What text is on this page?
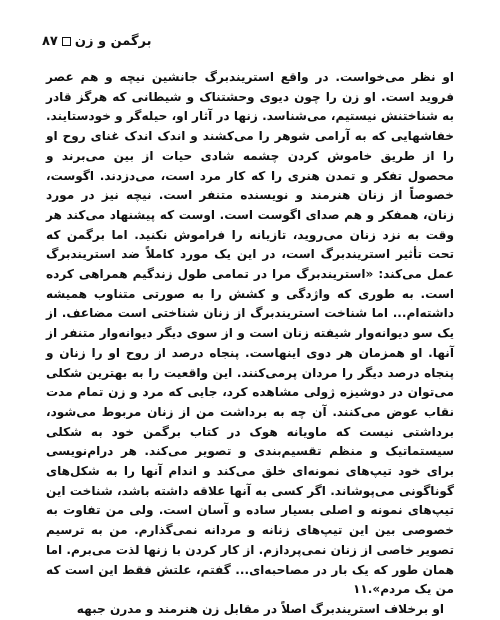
برگمن و زن۸۷

او نظر می‌خواست. در واقع استریندبرگ جانشین نیچه و هم عصر فروید است. او زن را چون دیوی وحشتناک و شیطانی که هرگز قادر به شناختنش نیستیم، می‌شناسد. زنها در آثار او، حیله‌گر و خودستایند. خفاشهایی که به آرامی شوهر را می‌کشند و اندک اندک غنای روح او را از طریق خاموش کردن چشمه شادی حیات از بین می‌برند و محصول تفکر و تمدن هنری را که کار مرد است، می‌دزدند. اگوست، خصوصاً از زنان هنرمند و نویسنده متنفر است. نیچه نیز در مورد زنان، همفکر و هم صدای اگوست است. اوست که پیشنهاد می‌کند هر وقت به نزد زنان می‌روید، تازیانه را فراموش نکنید. اما برگمن که تحت تأثیر استریندبرگ است، در این یک مورد کاملاً ضد استریندبرگ عمل می‌کند: «استریندبرگ مرا در تمامی طول زندگیم همراهی کرده است. به طوری که واژدگی و کشش را به صورتی متناوب همیشه داشته‌ام... اما شناخت استریندبرگ از زنان شناختی است مضاعف. از یک سو دیوانه‌وار شیفته زنان است و از سوی دیگر دیوانه‌وار متنفر از آنها. او همزمان هر دوی اینهاست. پنجاه درصد از روح او را زنان و پنجاه درصد دیگر را مردان پرمی‌کنند. این واقعیت را به بهترین شکلی می‌توان در دوشیزه ژولی مشاهده کرد، جایی که مرد و زن تمام مدت نقاب عوض می‌کنند. آن چه به برداشت من از زنان مربوط می‌شود، برداشتی نیست که ماویانه هوک در کتاب برگمن خود به شکلی سیستماتیک و منظم تقسیم‌بندی و تصویر می‌کند. هر درام‌نویسی برای خود تیپ‌های نمونه‌ای خلق می‌کند و اندام آنها را به شکل‌های گوناگونی می‌پوشاند. اگر کسی به آنها علاقه داشته باشد، شناخت این تیپ‌های نمونه و اصلی بسیار ساده و آسان است. ولی من تفاوت به خصوصی بین این تیپ‌های زنانه و مردانه نمی‌گذارم. من به ترسیم تصویر خاصی از زنان نمی‌پردازم. از کار کردن با زنها لذت می‌برم. اما همان طور که یک بار در مصاحبه‌ای... گفتم، علتش فقط این است که من یک مردم».۱۱

او برخلاف استریندبرگ اصلاً در مقابل زن هنرمند و مدرن جبهه
